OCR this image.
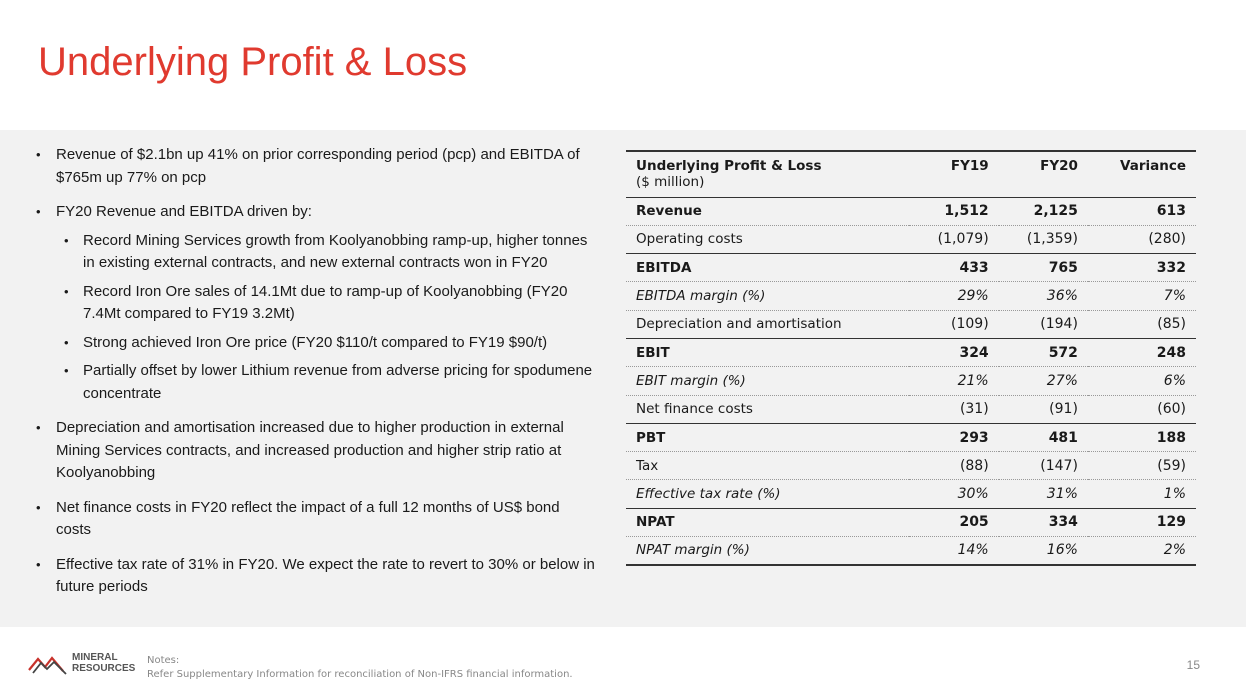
Underlying Profit & Loss
• Revenue of $2.1bn up 41% on prior corresponding period (pcp) and EBITDA of $765m up 77% on pcp
• FY20 Revenue and EBITDA driven by:
• Record Mining Services growth from Koolyanobbing ramp-up, higher tonnes in existing external contracts, and new external contracts won in FY20
• Record Iron Ore sales of 14.1Mt due to ramp-up of Koolyanobbing (FY20 7.4Mt compared to FY19 3.2Mt)
• Strong achieved Iron Ore price (FY20 $110/t compared to FY19 $90/t)
• Partially offset by lower Lithium revenue from adverse pricing for spodumene concentrate
• Depreciation and amortisation increased due to higher production in external Mining Services contracts, and increased production and higher strip ratio at Koolyanobbing
• Net finance costs in FY20 reflect the impact of a full 12 months of US$ bond costs
• Effective tax rate of 31% in FY20. We expect the rate to revert to 30% or below in future periods
Underlying Profit & Loss
($ million)	FY19	FY20	Variance
Revenue	1,512	2,125	613
Operating costs	(1,079)	(1,359)	(280)
EBITDA	433	765	332
EBITDA margin (%)	29%	36%	7%
Depreciation and amortisation	(109)	(194)	(85)
EBIT	324	572	248
EBIT margin (%)	21%	27%	6%
Net finance costs	(31)	(91)	(60)
PBT	293	481	188
Tax	(88)	(147)	(59)
Effective tax rate (%)	30%	31%	1%
NPAT	205	334	129
NPAT margin (%)	14%	16%	2%
MINERAL
RESOURCES
Notes:
Refer Supplementary Information for reconciliation of Non-IFRS financial information.
15
